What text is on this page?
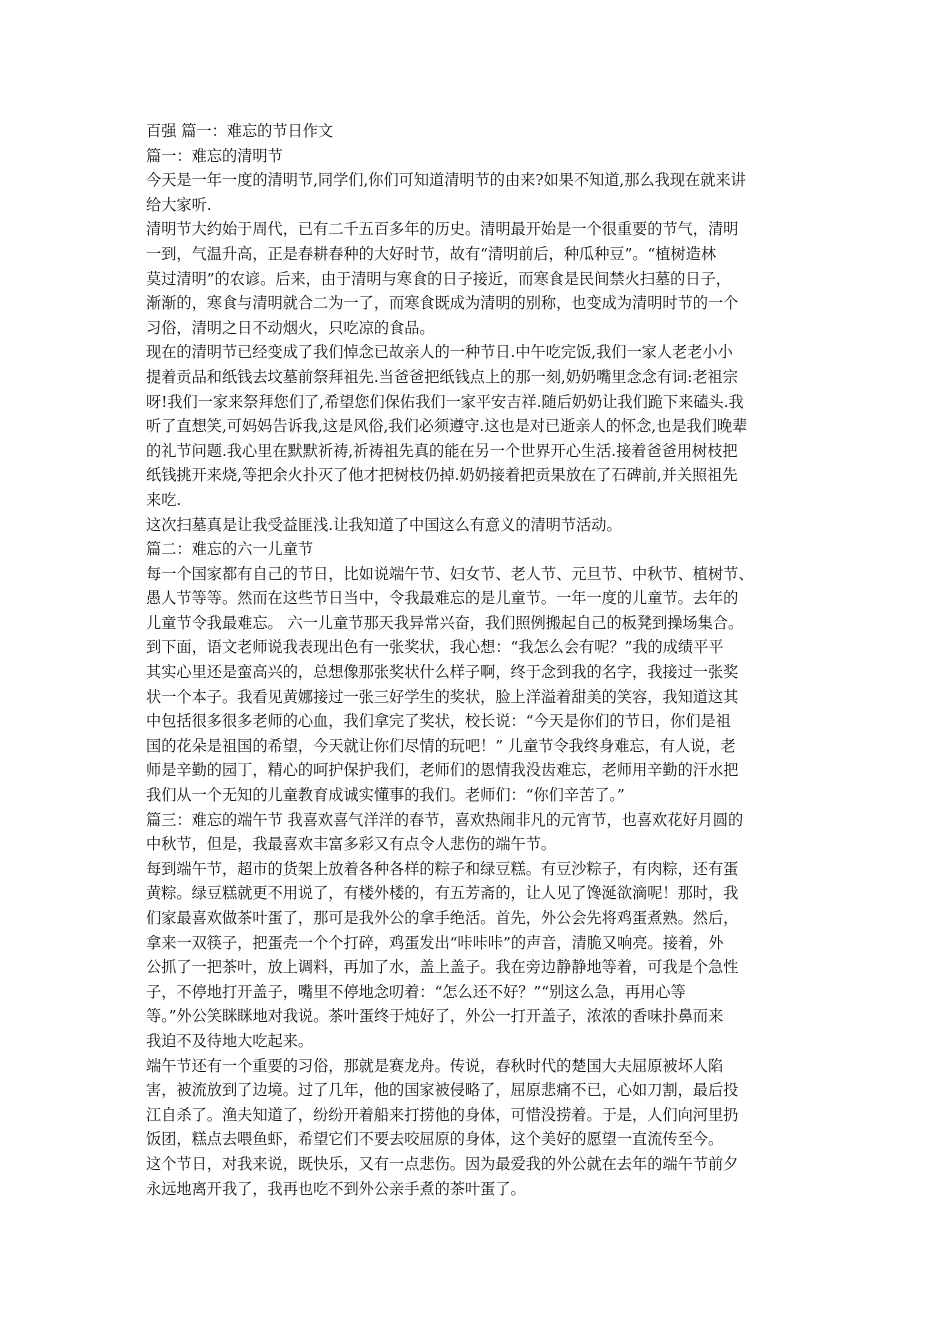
百强 篇一：难忘的节日作文

篇一：难忘的清明节

今天是一年一度的清明节,同学们,你们可知道清明节的由来?如果不知道,那么我现在就来讲

给大家听.

清明节大约始于周代，已有二千五百多年的历史。清明最开始是一个很重要的节气，清明

一到，气温升高，正是春耕春种的大好时节，故有“清明前后，种瓜种豆”。“植树造林

莫过清明”的农谚。后来，由于清明与寒食的日子接近，而寒食是民间禁火扫墓的日子，

渐渐的，寒食与清明就合二为一了，而寒食既成为清明的别称，也变成为清明时节的一个

习俗，清明之日不动烟火，只吃凉的食品。

现在的清明节已经变成了我们悼念已故亲人的一种节日.中午吃完饭,我们一家人老老小小

提着贡品和纸钱去坟墓前祭拜祖先.当爸爸把纸钱点上的那一刻,奶奶嘴里念念有词:老祖宗

呀!我们一家来祭拜您们了,希望您们保佑我们一家平安吉祥.随后奶奶让我们跪下来磕头.我

听了直想笑,可妈妈告诉我,这是风俗,我们必须遵守.这也是对已逝亲人的怀念,也是我们晚辈

的礼节问题.我心里在默默祈祷,祈祷祖先真的能在另一个世界开心生活.接着爸爸用树枝把

纸钱挑开来烧,等把余火扑灭了他才把树枝仍掉.奶奶接着把贡果放在了石碑前,并关照祖先

来吃.

这次扫墓真是让我受益匪浅.让我知道了中国这么有意义的清明节活动。

篇二：难忘的六一儿童节

每一个国家都有自己的节日，比如说端午节、妇女节、老人节、元旦节、中秋节、植树节、

愚人节等等。然而在这些节日当中，令我最难忘的是儿童节。一年一度的儿童节。去年的

儿童节令我最难忘。 六一儿童节那天我异常兴奋，我们照例搬起自己的板凳到操场集合。

到下面，语文老师说我表现出色有一张奖状，我心想：“我怎么会有呢？”我的成绩平平

其实心里还是蛮高兴的，总想像那张奖状什么样子啊，终于念到我的名字，我接过一张奖

状一个本子。我看见黄娜接过一张三好学生的奖状，脸上洋溢着甜美的笑容，我知道这其

中包括很多很多老师的心血，我们拿完了奖状，校长说：“今天是你们的节日，你们是祖

国的花朵是祖国的希望，今天就让你们尽情的玩吧！” 儿童节令我终身难忘，有人说，老

师是辛勤的园丁，精心的呵护保护我们，老师们的恩情我没齿难忘，老师用辛勤的汗水把

我们从一个无知的儿童教育成诚实懂事的我们。老师们：“你们辛苦了。”

篇三：难忘的端午节 我喜欢喜气洋洋的春节，喜欢热闹非凡的元宵节，也喜欢花好月圆的

中秋节，但是，我最喜欢丰富多彩又有点令人悲伤的端午节。

每到端午节，超市的货架上放着各种各样的粽子和绿豆糕。有豆沙粽子，有肉粽，还有蛋

黄粽。绿豆糕就更不用说了，有楼外楼的，有五芳斋的，让人见了馋涎欲滴呢！那时，我

们家最喜欢做茶叶蛋了，那可是我外公的拿手绝活。首先，外公会先将鸡蛋煮熟。然后，

拿来一双筷子，把蛋壳一个个打碎，鸡蛋发出“咔咔咔”的声音，清脆又响亮。接着，外

公抓了一把茶叶，放上调料，再加了水，盖上盖子。我在旁边静静地等着，可我是个急性

子，不停地打开盖子，嘴里不停地念叨着：“怎么还不好？”“别这么急，再用心等

等。”外公笑眯眯地对我说。茶叶蛋终于炖好了，外公一打开盖子，浓浓的香味扑鼻而来

我迫不及待地大吃起来。

端午节还有一个重要的习俗，那就是赛龙舟。传说，春秋时代的楚国大夫屈原被坏人陷

害，被流放到了边境。过了几年，他的国家被侵略了，屈原悲痛不已，心如刀割，最后投

江自杀了。渔夫知道了，纷纷开着船来打捞他的身体，可惜没捞着。于是，人们向河里扔

饭团，糕点去喂鱼虾，希望它们不要去咬屈原的身体，这个美好的愿望一直流传至今。

这个节日，对我来说，既快乐，又有一点悲伤。因为最爱我的外公就在去年的端午节前夕

永远地离开我了，我再也吃不到外公亲手煮的茶叶蛋了。
